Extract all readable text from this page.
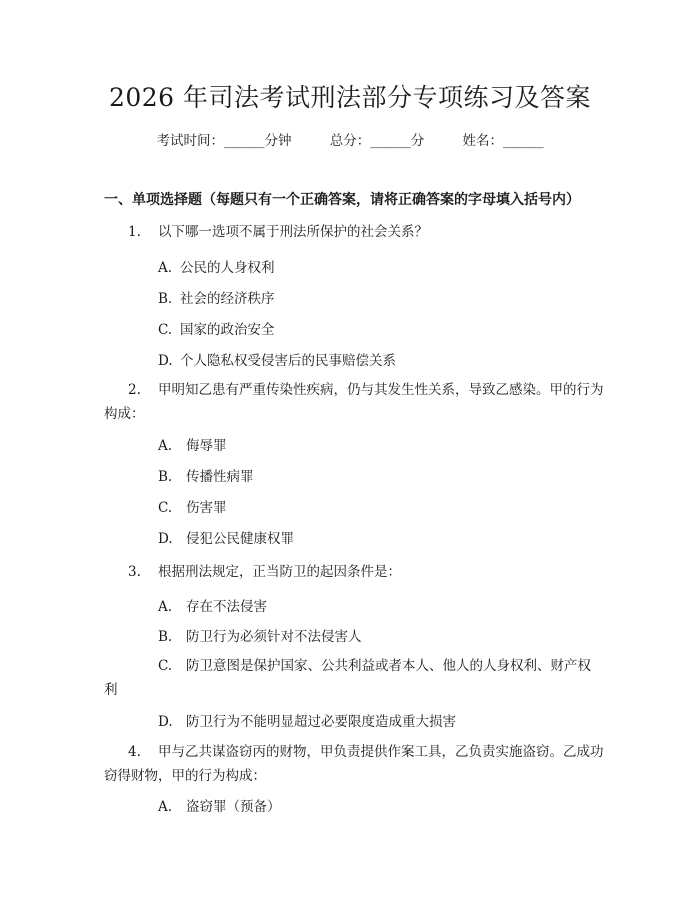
2026 年司法考试刑法部分专项练习及答案
考试时间：______分钟	总分：______分	姓名：______
一、单项选择题（每题只有一个正确答案，请将正确答案的字母填入括号内）
1. 以下哪一选项不属于刑法所保护的社会关系？
A. 公民的人身权利
B. 社会的经济秩序
C. 国家的政治安全
D. 个人隐私权受侵害后的民事赔偿关系
2. 甲明知乙患有严重传染性疾病，仍与其发生性关系，导致乙感染。甲的行为构成：
A. 侮辱罪
B. 传播性病罪
C. 伤害罪
D. 侵犯公民健康权罪
3. 根据刑法规定，正当防卫的起因条件是：
A. 存在不法侵害
B. 防卫行为必须针对不法侵害人
C. 防卫意图是保护国家、公共利益或者本人、他人的人身权利、财产权利
D. 防卫行为不能明显超过必要限度造成重大损害
4. 甲与乙共谋盗窃丙的财物，甲负责提供作案工具，乙负责实施盗窃。乙成功窃得财物，甲的行为构成：
A. 盗窃罪（预备）
